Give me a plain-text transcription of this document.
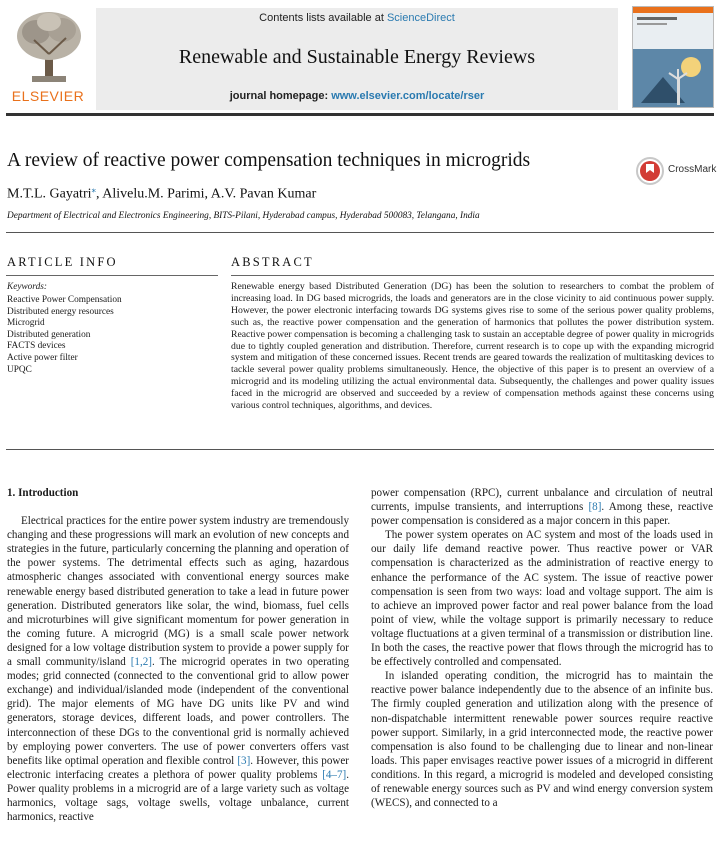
ELSEVIER
Contents lists available at ScienceDirect
Renewable and Sustainable Energy Reviews
journal homepage: www.elsevier.com/locate/rser
A review of reactive power compensation techniques in microgrids
M.T.L. Gayatri⁎, Alivelu.M. Parimi, A.V. Pavan Kumar
Department of Electrical and Electronics Engineering, BITS-Pilani, Hyderabad campus, Hyderabad 500083, Telangana, India
CrossMark
ARTICLE INFO	ABSTRACT
Keywords:
Reactive Power Compensation
Distributed energy resources
Microgrid
Distributed generation
FACTS devices
Active power filter
UPQC

Renewable energy based Distributed Generation (DG) has been the solution to researchers to combat the problem of increasing load. In DG based microgrids, the loads and generators are in the close vicinity to aid continuous power supply. However, the power electronic interfacing towards DG systems gives rise to some of the serious power quality problems, such as, the reactive power compensation and the generation of harmonics that pollutes the power distribution system. Reactive power compensation is becoming a challenging task to sustain an acceptable degree of power quality in microgrids due to tightly coupled generation and distribution. Therefore, current research is to cope up with the expanding microgrid system and mitigation of these concerned issues. Recent trends are geared towards the realization of multitasking devices to tackle several power quality problems simultaneously. Hence, the objective of this paper is to present an overview of a microgrid and its modeling utilizing the actual environmental data. Subsequently, the challenges and power quality issues faced in the microgrid are observed and succeeded by a review of compensation methods against these concerns using various control techniques, algorithms, and devices.

1. Introduction

Electrical practices for the entire power system industry are tremendously changing and these progressions will mark an evolution of new concepts and strategies in the future, particularly concerning the planning and operation of the power systems. The detrimental effects such as aging, hazardous atmospheric changes associated with conventional energy sources make renewable energy based distributed generation to take a lead in future power generation. Distributed generators like solar, the wind, biomass, fuel cells and microturbines will give significant momentum for power generation in the coming future. A microgrid (MG) is a small scale power network designed for a low voltage distribution system to provide a power supply for a small community/island [1,2]. The microgrid operates in two operating modes; grid connected (connected to the conventional grid to allow power exchange) and individual/islanded mode (independent of the conventional grid). The major elements of MG have DG units like PV and wind generators, storage devices, different loads, and power controllers. The interconnection of these DGs to the conventional grid is normally achieved by employing power converters. The use of power converters offers vast benefits like optimal operation and flexible control [3]. However, this power electronic interfacing creates a plethora of power quality problems [4–7]. Power quality problems in a microgrid are of a large variety such as voltage harmonics, voltage sags, voltage swells, voltage unbalance, current harmonics, reactive

power compensation (RPC), current unbalance and circulation of neutral currents, impulse transients, and interruptions [8]. Among these, reactive power compensation is considered as a major concern in this paper.

The power system operates on AC system and most of the loads used in our daily life demand reactive power. Thus reactive power or VAR compensation is characterized as the administration of reactive energy to enhance the performance of the AC system. The issue of reactive power compensation is seen from two ways: load and voltage support. The aim is to achieve an improved power factor and real power balance from the load point of view, while the voltage support is primarily necessary to reduce voltage fluctuations at a given terminal of a transmission or distribution line. In both the cases, the reactive power that flows through the microgrid has to be effectively controlled and compensated.

In islanded operating condition, the microgrid has to maintain the reactive power balance independently due to the absence of an infinite bus. The firmly coupled generation and utilization along with the presence of non-dispatchable intermittent renewable power sources require reactive power support. Similarly, in a grid interconnected mode, the reactive power compensation is also found to be challenging due to linear and non-linear loads. This paper envisages reactive power issues of a microgrid in different conditions. In this regard, a microgrid is modeled and developed consisting of renewable energy sources such as PV and wind energy conversion system (WECS), and connected to a
